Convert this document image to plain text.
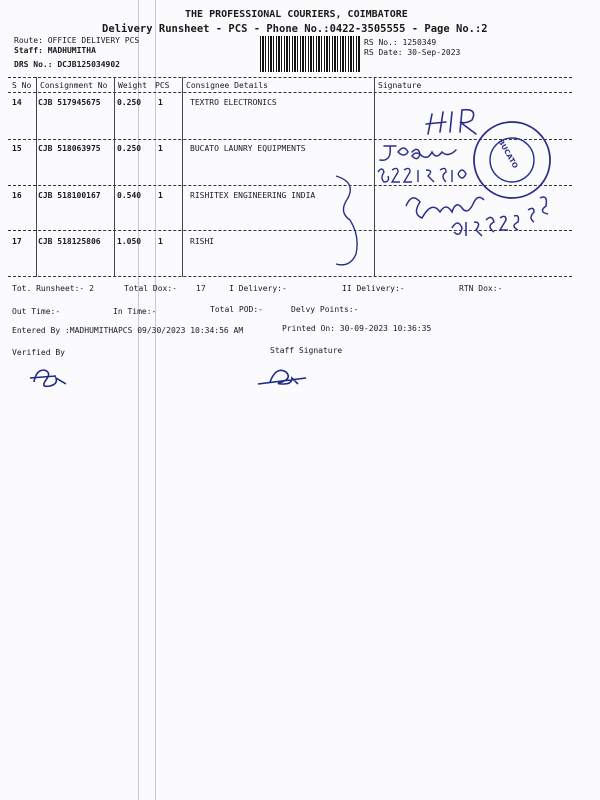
THE PROFESSIONAL COURIERS, COIMBATORE
Delivery Runsheet - PCS - Phone No.:0422-3505555 - Page No.:2
Route: OFFICE DELIVERY PCS
Staff: MADHUMITHA
DRS No.: DCJB125034902
RS No.: 1250349
RS Date: 30-Sep-2023
S No Consignment No Weight PCS Consignee Details	Signature
14 CJB 517945675 0.250 1	TEXTRO ELECTRONICS
15 CJB 518063975 0.250 1	BUCATO LAUNRY EQUIPMENTS
16 CJB 518100167 0.540 1	RISHITEX ENGINEERING INDIA
17 CJB 518125806 1.050 1	RISHI
BUCATO
Tot. Runsheet:- 2	Total Dox:- 17	I Delivery:-	II Delivery:-	RTN Dox:-
Out Time:-	In Time:-	Total POD:-	Delvy Points:-
Entered By :MADHUMITHAPCS 09/30/2023 10:34:56 AM	Printed On: 30-09-2023 10:36:35
Verified By	Staff Signature
